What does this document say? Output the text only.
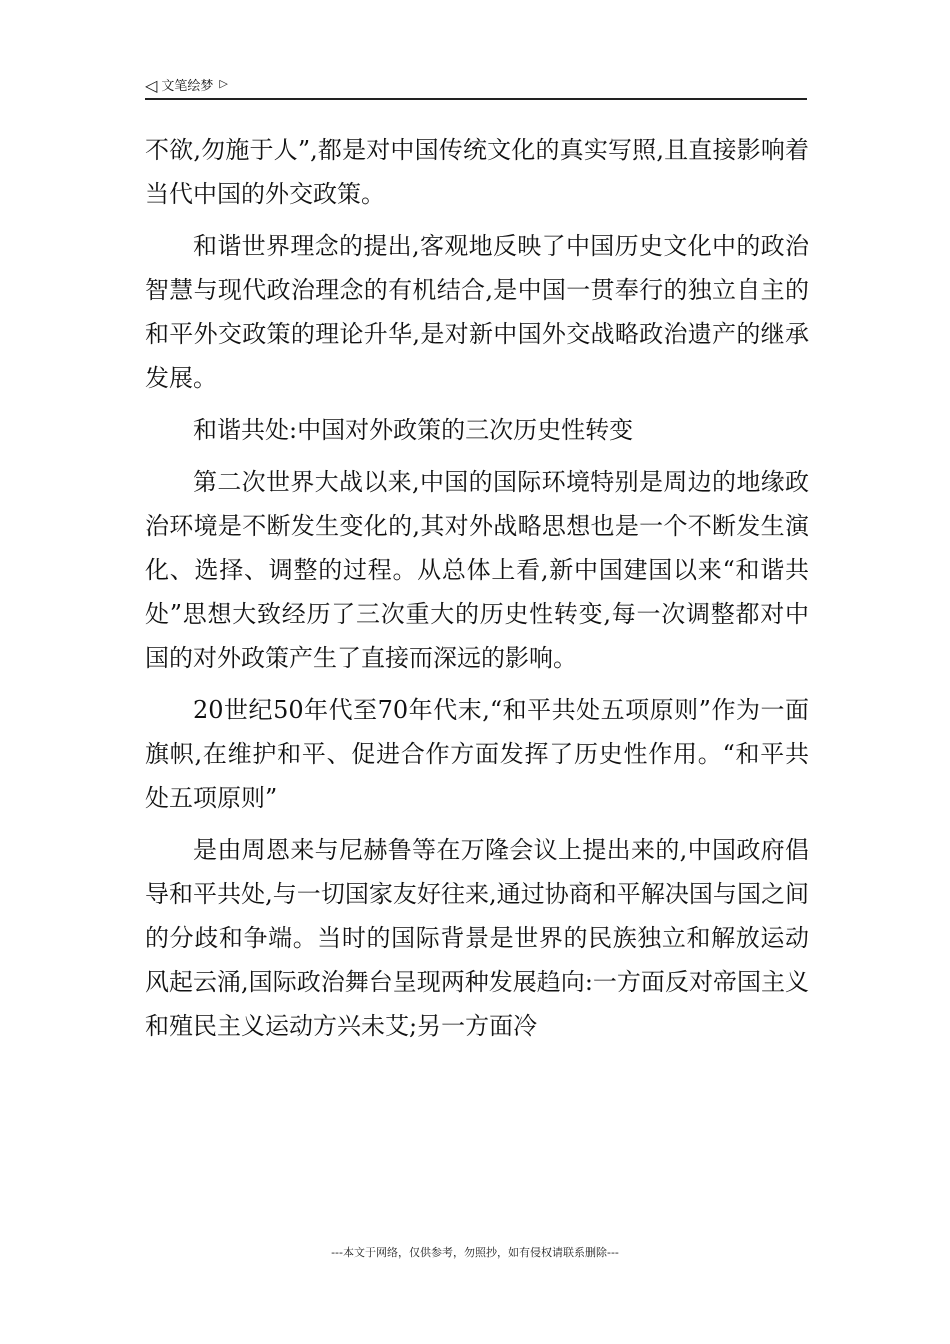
◁ 文笔绘梦 ▷

不欲,勿施于人”,都是对中国传统文化的真实写照,且直接影响着当代中国的外交政策。

和谐世界理念的提出,客观地反映了中国历史文化中的政治智慧与现代政治理念的有机结合,是中国一贯奉行的独立自主的和平外交政策的理论升华,是对新中国外交战略政治遗产的继承发展。

和谐共处:中国对外政策的三次历史性转变

第二次世界大战以来,中国的国际环境特别是周边的地缘政治环境是不断发生变化的,其对外战略思想也是一个不断发生演化、选择、调整的过程。从总体上看,新中国建国以来“和谐共处”思想大致经历了三次重大的历史性转变,每一次调整都对中国的对外政策产生了直接而深远的影响。

20世纪50年代至70年代末,“和平共处五项原则”作为一面旗帜,在维护和平、促进合作方面发挥了历史性作用。“和平共处五项原则”

是由周恩来与尼赫鲁等在万隆会议上提出来的,中国政府倡导和平共处,与一切国家友好往来,通过协商和平解决国与国之间的分歧和争端。当时的国际背景是世界的民族独立和解放运动风起云涌,国际政治舞台呈现两种发展趋向:一方面反对帝国主义和殖民主义运动方兴未艾;另一方面冷

---本文于网络，仅供参考，勿照抄，如有侵权请联系删除---
